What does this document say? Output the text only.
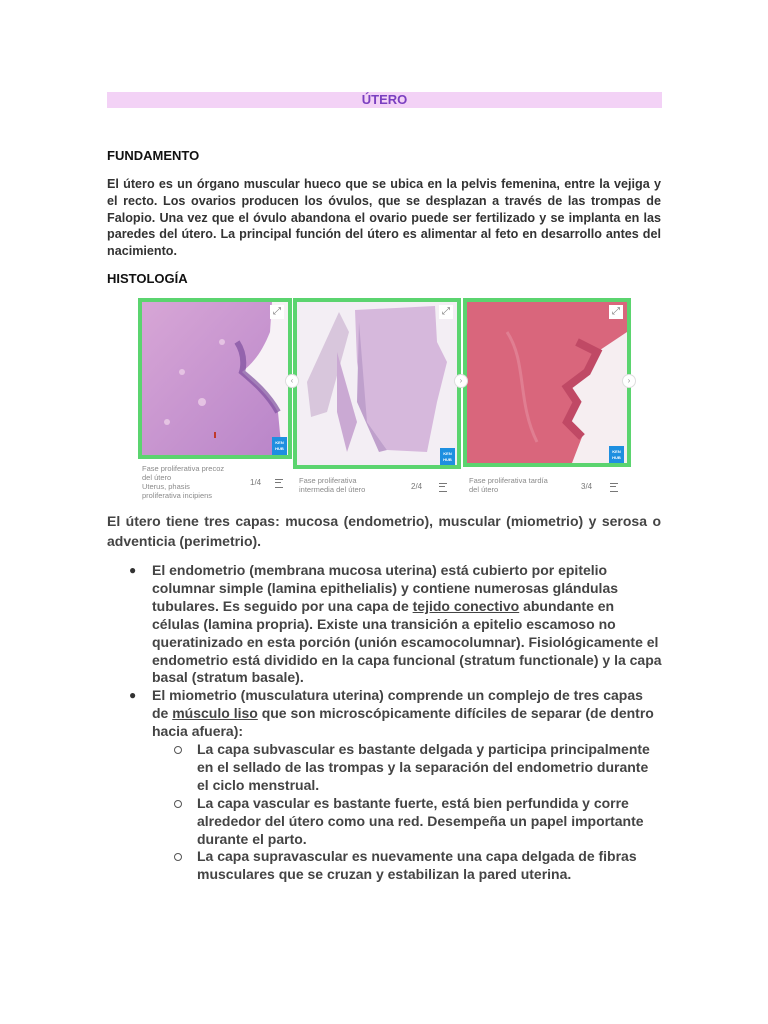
ÚTERO
FUNDAMENTO

El útero es un órgano muscular hueco que se ubica en la pelvis femenina, entre la vejiga y el recto. Los ovarios producen los óvulos, que se desplazan a través de las trompas de Falopio. Una vez que el óvulo abandona el ovario puede ser fertilizado y se implanta en las paredes del útero. La principal función del útero es alimentar al feto en desarrollo antes del nacimiento.

HISTOLOGÍA
⤢
KEN HUB
Fase proliferativa precoz
del útero
Uterus, phasis
proliferativa incipiens
1/4
⤢
KEN HUB
Fase proliferativa
intermedia del útero	2/4
⤢
KEN HUB
Fase proliferativa tardía
del útero	3/4
‹	›	›

El útero tiene tres capas: mucosa (endometrio), muscular (miometrio) y serosa o adventicia (perimetrio).

● El endometrio (membrana mucosa uterina) está cubierto por epitelio columnar simple (lamina epithelialis) y contiene numerosas glándulas tubulares. Es seguido por una capa de tejido conectivo abundante en células (lamina propria). Existe una transición a epitelio escamoso no queratinizado en esta porción (unión escamocolumnar). Fisiológicamente el endometrio está dividido en la capa funcional (stratum functionale) y la capa basal (stratum basale).

● El miometrio (musculatura uterina) comprende un complejo de tres capas de músculo liso que son microscópicamente difíciles de separar (de dentro hacia afuera):

La capa subvascular es bastante delgada y participa principalmente en el sellado de las trompas y la separación del endometrio durante el ciclo menstrual.

La capa vascular es bastante fuerte, está bien perfundida y corre alrededor del útero como una red. Desempeña un papel importante durante el parto.

La capa supravascular es nuevamente una capa delgada de fibras musculares que se cruzan y estabilizan la pared uterina.
